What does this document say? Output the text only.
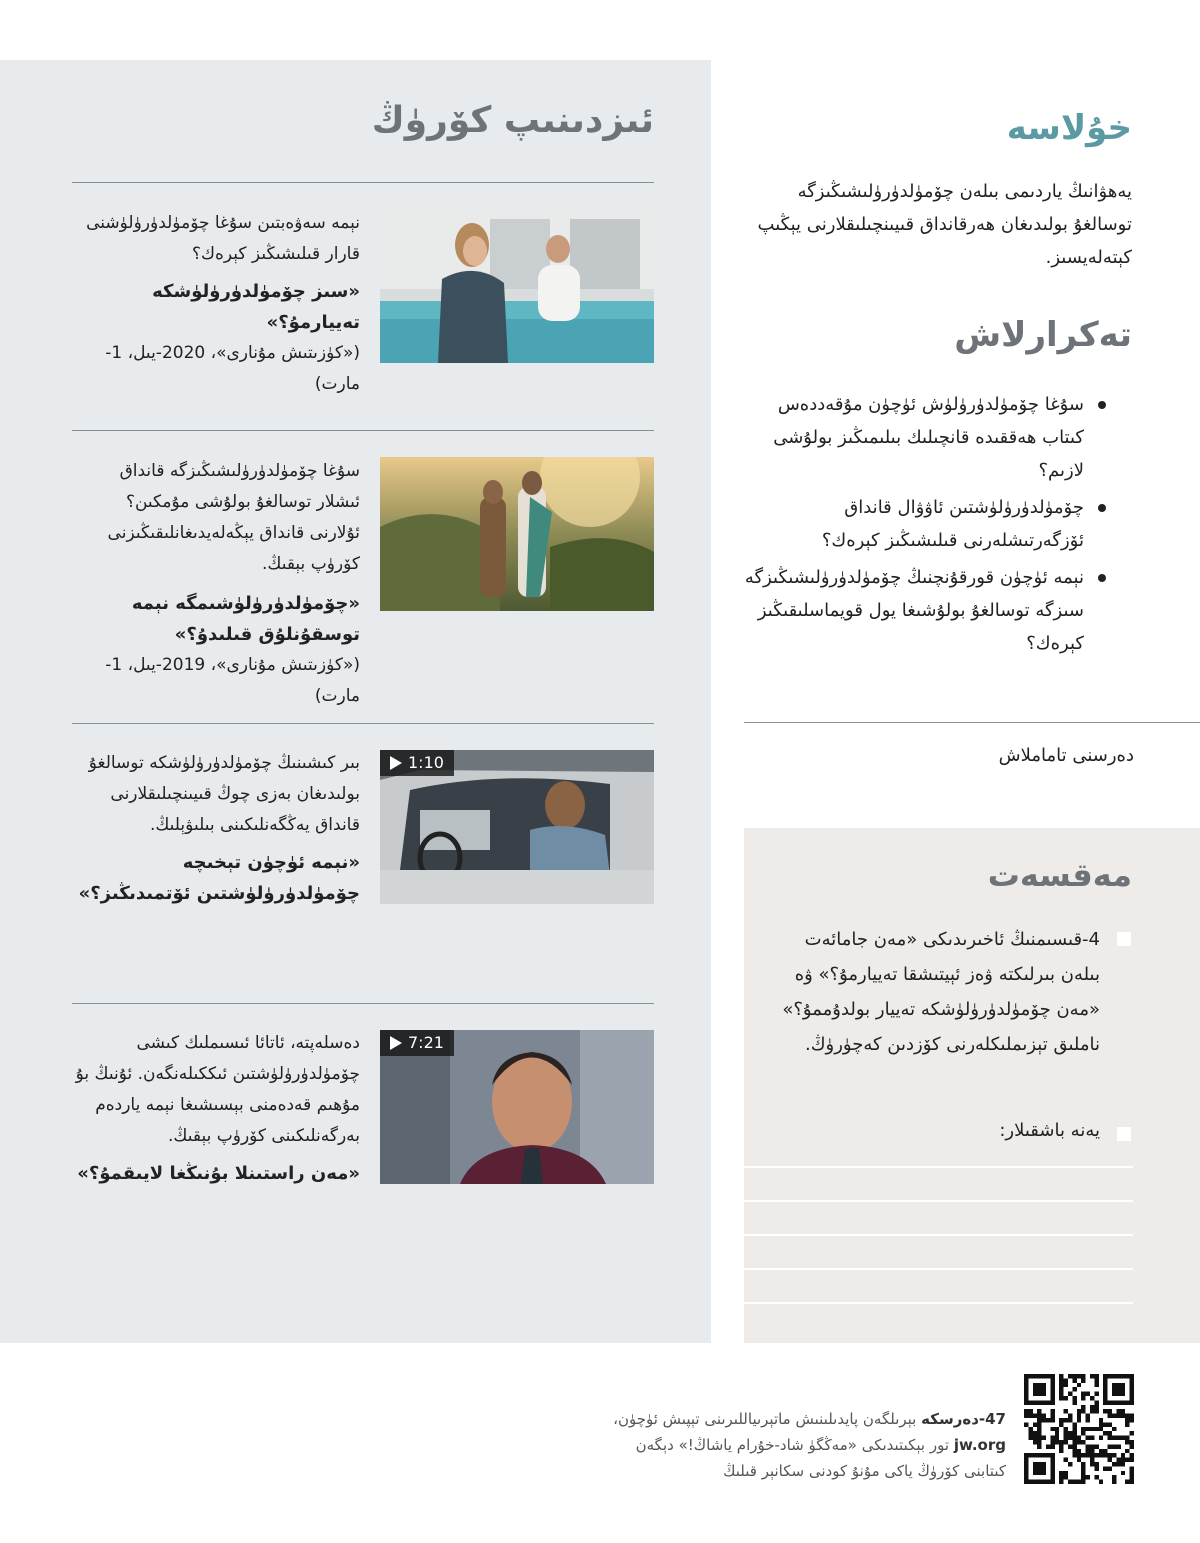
ئىزدىنىپ كۆرۈڭ

نېمە سەۋەبتىن سۇغا چۆمۈلدۈرۈلۈشنى قارار قىلىشىڭىز كېرەك؟

«سىز چۆمۈلدۈرۈلۈشكە تەييارمۇ؟»

(«كۈزىتىش مۇنارى»، 2020-يىل، 1-مارت)

سۇغا چۆمۈلدۈرۈلىشىڭىزگە قانداق ئىشلار توسالغۇ بولۇشى مۇمكىن؟ ئۇلارنى قانداق يېڭەلەيدىغانلىقىڭىزنى كۆرۈپ بېقىڭ.

«چۆمۈلدۈرۈلۈشىمگە نېمە توسقۇنلۇق قىلىدۇ؟»

(«كۈزىتىش مۇنارى»، 2019-يىل، 1-مارت)

بىر كىشىنىڭ چۆمۈلدۈرۈلۈشكە توسالغۇ بولىدىغان بەزى چوڭ قىيىنچىلىقلارنى قانداق يەڭگەنلىكىنى بىلىۋېلىڭ.

«نېمە ئۈچۈن تېخىچە چۆمۈلدۈرۈلۈشتىن ئۆتمىدىڭىز؟»

1:10

دەسلەپتە، ئاتائا ئىسىملىك كىشى چۆمۈلدۈرۈلۈشتىن ئىككىلەنگەن. ئۇنىڭ بۇ مۇھىم قەدەمنى بېسىشىغا نېمە ياردەم بەرگەنلىكىنى كۆرۈپ بېقىڭ.

«مەن راستىنلا بۇنىڭغا لايىقمۇ؟»

7:21
خۇلاسە
يەھۋانىڭ ياردىمى بىلەن چۆمۈلدۈرۈلىشىڭىزگە توسالغۇ بولىدىغان ھەرقانداق قىيىنچىلىقلارنى يېڭىپ كېتەلەيسىز.
تەكرارلاش
سۇغا چۆمۈلدۈرۈلۈش ئۈچۈن مۇقەددەس كىتاب ھەققىدە قانچىلىك بىلىمىڭىز بولۇشى لازىم؟
چۆمۈلدۈرۈلۈشتىن ئاۋۋال قانداق ئۆزگەرتىشلەرنى قىلىشىڭىز كېرەك؟
نېمە ئۈچۈن قورقۇنچنىڭ چۆمۈلدۈرۈلىشىڭىزگە سىزگە توسالغۇ بولۇشىغا يول قويماسلىقىڭىز كېرەك؟
دەرسنى تاماملاش
مەقسەت
4-قىسىمنىڭ ئاخىرىدىكى «مەن جامائەت بىلەن بىرلىكتە ۋەز ئېيتىشقا تەييارمۇ؟» ۋە «مەن چۆمۈلدۈرۈلۈشكە تەييار بولدۇممۇ؟» ناملىق تېزىملىكلەرنى كۆزدىن كەچۈرۈڭ.
يەنە باشقىلار:
47-دەرسكە بېرىلگەن پايدىلىنىش ماتېرىياللىرىنى تېپىش ئۈچۈن،
jw.org تور بېكىتىدىكى «مەڭگۈ شاد-خۇرام ياشاڭ!» دېگەن
كىتابنى كۆرۈڭ ياكى مۇنۇ كودنى سكانېر قىلىڭ
